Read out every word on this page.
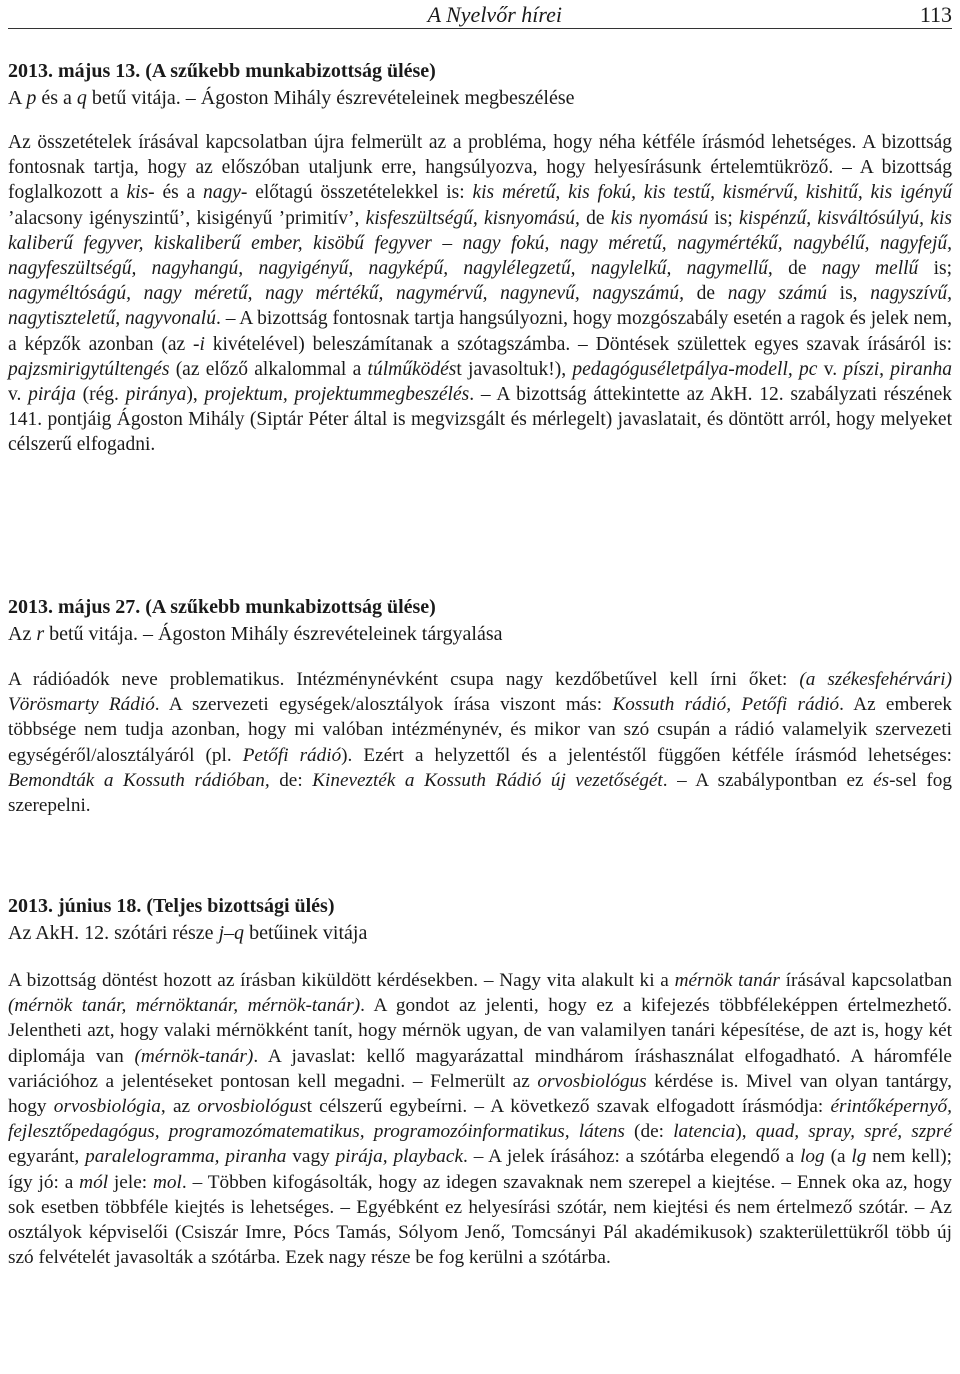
A Nyelvőr hírei	113

2013. május 13. (A szűkebb munkabizottság ülése)

A p és a q betű vitája. – Ágoston Mihály észrevételeinek megbeszélése

Az összetételek írásával kapcsolatban újra felmerült az a probléma, hogy néha kétféle írásmód lehetséges. A bizottság fontosnak tartja, hogy az előszóban utaljunk erre, hangsúlyozva, hogy helyesírásunk értelemtükröző. – A bizottság foglalkozott a kis- és a nagy- előtagú összetételekkel is: kis méretű, kis fokú, kis testű, kismérvű, kishitű, kis igényű ’alacsony igényszintű’, kisigényű ’primitív’, kisfeszültségű, kisnyomású, de kis nyomású is; kispénzű, kisváltósúlyú, kis kaliberű fegyver, kiskaliberű ember, kisöbű fegyver – nagy fokú, nagy méretű, nagymértékű, nagybélű, nagyfejű, nagyfeszültségű, nagyhangú, nagyigényű, nagyképű, nagylélegzetű, nagylelkű, nagymellű, de nagy mellű is; nagyméltóságú, nagy méretű, nagy mértékű, nagymérvű, nagynevű, nagyszámú, de nagy számú is, nagyszívű, nagytiszteletű, nagyvonalú. – A bizottság fontosnak tartja hangsúlyozni, hogy mozgószabály esetén a ragok és jelek nem, a képzők azonban (az -i kivételével) beleszámítanak a szótagszámba. – Döntések születtek egyes szavak írásáról is: pajzsmirigytúltengés (az előző alkalommal a túlműködést javasoltuk!), pedagóguséletpálya-modell, pc v. píszi, piranha v. pirája (rég. piránya), projektum, projektummegbeszélés. – A bizottság áttekintette az AkH. 12. szabályzati részének 141. pontjáig Ágoston Mihály (Siptár Péter által is megvizsgált és mérlegelt) javaslatait, és döntött arról, hogy melyeket célszerű elfogadni.

2013. május 27. (A szűkebb munkabizottság ülése)

Az r betű vitája. – Ágoston Mihály észrevételeinek tárgyalása

A rádióadók neve problematikus. Intézménynévként csupa nagy kezdőbetűvel kell írni őket: (a székesfehérvári) Vörösmarty Rádió. A szervezeti egységek/alosztályok írása viszont más: Kossuth rádió, Petőfi rádió. Az emberek többsége nem tudja azonban, hogy mi valóban intézménynév, és mikor van szó csupán a rádió valamelyik szervezeti egységéről/alosztályáról (pl. Petőfi rádió). Ezért a helyzettől és a jelentéstől függően kétféle írásmód lehetséges: Bemondták a Kossuth rádióban, de: Kinevezték a Kossuth Rádió új vezetőségét. – A szabálypontban ez és-sel fog szerepelni.

2013. június 18. (Teljes bizottsági ülés)

Az AkH. 12. szótári része j–q betűinek vitája

A bizottság döntést hozott az írásban kiküldött kérdésekben. – Nagy vita alakult ki a mérnök tanár írásával kapcsolatban (mérnök tanár, mérnöktanár, mérnök-tanár). A gondot az jelenti, hogy ez a kifejezés többféleképpen értelmezhető. Jelentheti azt, hogy valaki mérnökként tanít, hogy mérnök ugyan, de van valamilyen tanári képesítése, de azt is, hogy két diplomája van (mérnök-tanár). A javaslat: kellő magyarázattal mindhárom íráshasználat elfogadható. A háromféle variációhoz a jelentéseket pontosan kell megadni. – Felmerült az orvosbiológus kérdése is. Mivel van olyan tantárgy, hogy orvosbiológia, az orvosbiológust célszerű egybeírni. – A következő szavak elfogadott írásmódja: érintőképernyő, fejlesztőpedagógus, programozómatematikus, programozóinformatikus, látens (de: latencia), quad, spray, spré, szpré egyaránt, paralelogramma, piranha vagy pirája, playback. – A jelek írásához: a szótárba elegendő a log (a lg nem kell); így jó: a mól jele: mol. – Többen kifogásolták, hogy az idegen szavaknak nem szerepel a kiejtése. – Ennek oka az, hogy sok esetben többféle kiejtés is lehetséges. – Egyébként ez helyesírási szótár, nem kiejtési és nem értelmező szótár. – Az osztályok képviselői (Csiszár Imre, Pócs Tamás, Sólyom Jenő, Tomcsányi Pál akadémikusok) szakterülettükről több új szó felvételét javasolták a szótárba. Ezek nagy része be fog kerülni a szótárba.
